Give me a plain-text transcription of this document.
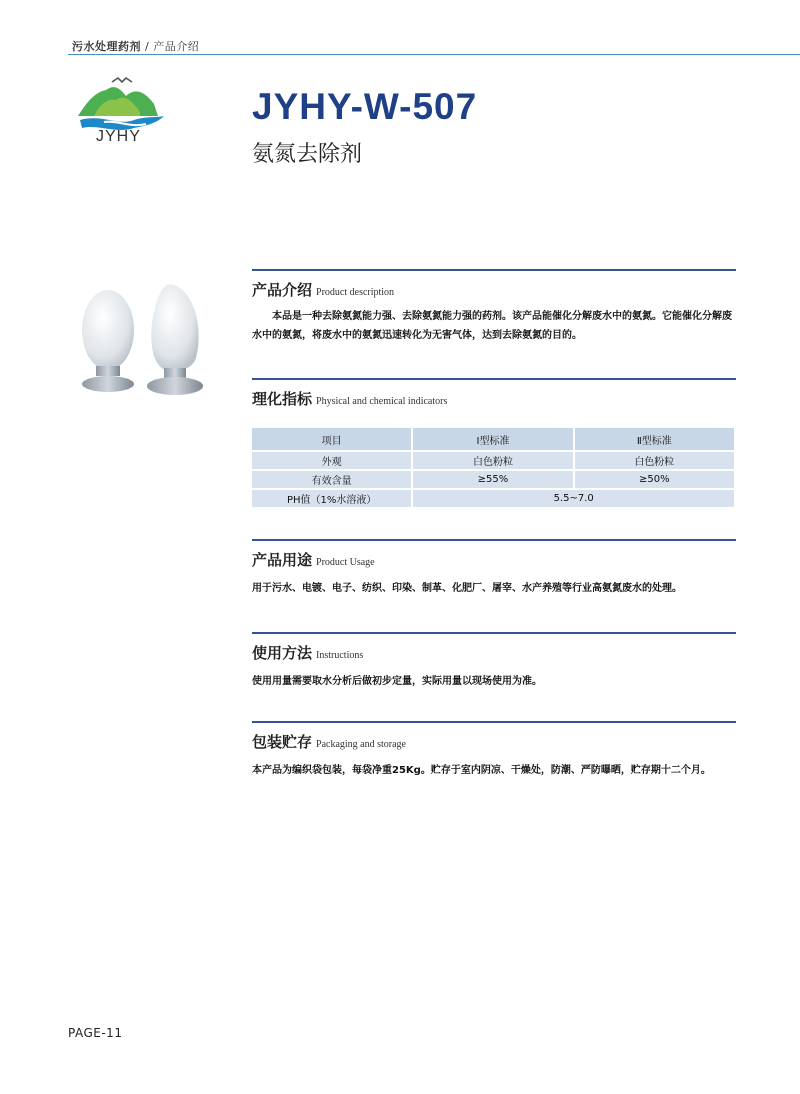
污水处理药剂 / 产品介绍
JYHY
JYHY-W-507
氨氮去除剂
产品介绍 Product description
本品是一种去除氨氮能力强、去除氨氮能力强的药剂。该产品能催化分解废水中的氨氮。它能催化分解废水中的氨氮，将废水中的氨氮迅速转化为无害气体，达到去除氨氮的目的。
理化指标 Physical and chemical indicators
项目	Ⅰ型标准	Ⅱ型标准
外观	白色粉粒	白色粉粒
有效含量	≥55%	≥50%
PH值（1%水溶液）	5.5~7.0	
产品用途 Product Usage
用于污水、电镀、电子、纺织、印染、制革、化肥厂、屠宰、水产养殖等行业高氨氮废水的处理。
使用方法 Instructions
使用用量需要取水分析后做初步定量，实际用量以现场使用为准。
包装贮存 Packaging and storage
本产品为编织袋包装，每袋净重25Kg。贮存于室内阴凉、干燥处，防潮、严防曝晒，贮存期十二个月。
PAGE-11
